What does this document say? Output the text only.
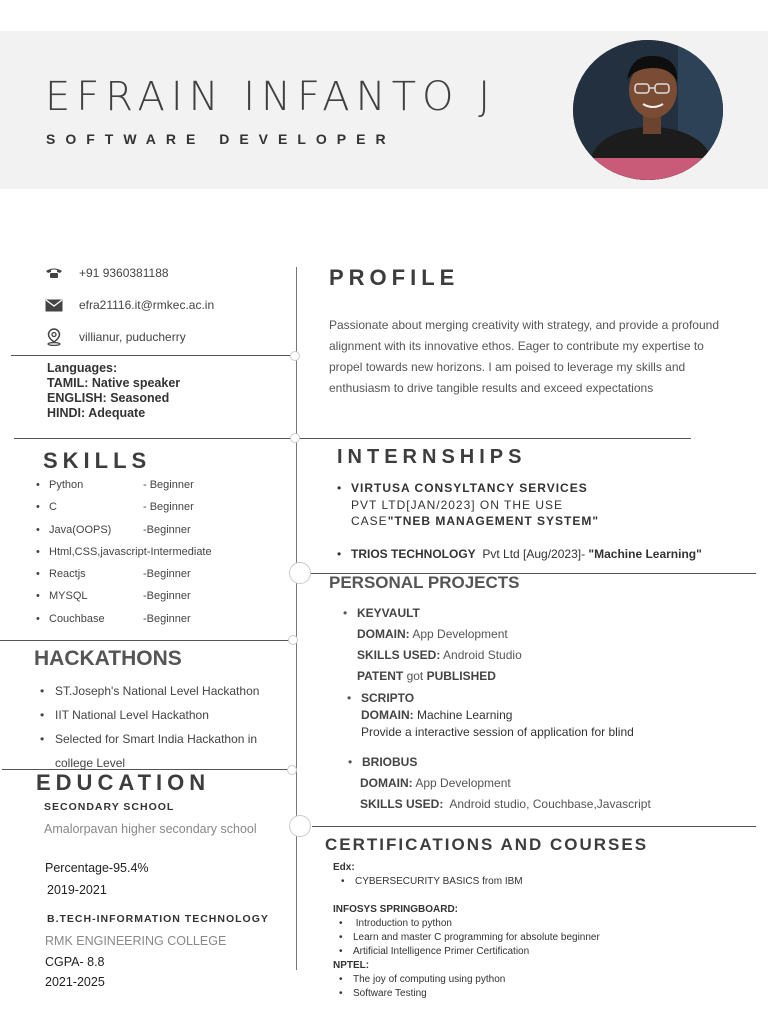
EFRAIN INFANTO J
SOFTWARE DEVELOPER
+91 9360381188
efra21116.it@rmkec.ac.in
villianur, puducherry
Languages:
TAMIL: Native speaker
ENGLISH: Seasoned
HINDI: Adequate
SKILLS
• Python	- Beginner
• C	- Beginner
• Java(OOPS)	-Beginner
• Html,CSS,javascript-Intermediate
• Reactjs	-Beginner
• MYSQL	-Beginner
• Couchbase	-Beginner
HACKATHONS
• ST.Joseph's National Level Hackathon
• IIT National Level Hackathon
• Selected for Smart India Hackathon in college Level
EDUCATION
SECONDARY SCHOOL
Amalorpavan higher secondary school
Percentage-95.4%
2019-2021
B.TECH-INFORMATION TECHNOLOGY
RMK ENGINEERING COLLEGE
CGPA- 8.8
2021-2025
PROFILE
Passionate about merging creativity with strategy, and provide a profound alignment with its innovative ethos. Eager to contribute my expertise to propel towards new horizons. I am poised to leverage my skills and enthusiasm to drive tangible results and exceed expectations
INTERNSHIPS
• VIRTUSA CONSYLTANCY SERVICES
PVT LTD[JAN/2023] ON THE USE
CASE"TNEB MANAGEMENT SYSTEM"
• TRIOS TECHNOLOGY Pvt Ltd [Aug/2023]- "Machine Learning"
PERSONAL PROJECTS
• KEYVAULT
DOMAIN: App Development
SKILLS USED: Android Studio
PATENT got PUBLISHED
• SCRIPTO
DOMAIN: Machine Learning
Provide a interactive session of application for blind
• BRIOBUS
DOMAIN: App Development
SKILLS USED: Android studio, Couchbase,Javascript
CERTIFICATIONS AND COURSES
Edx:
• CYBERSECURITY BASICS from IBM
INFOSYS SPRINGBOARD:
• Introduction to python
• Learn and master C programming for absolute beginner
• Artificial Intelligence Primer Certification
NPTEL:
• The joy of computing using python
• Software Testing
